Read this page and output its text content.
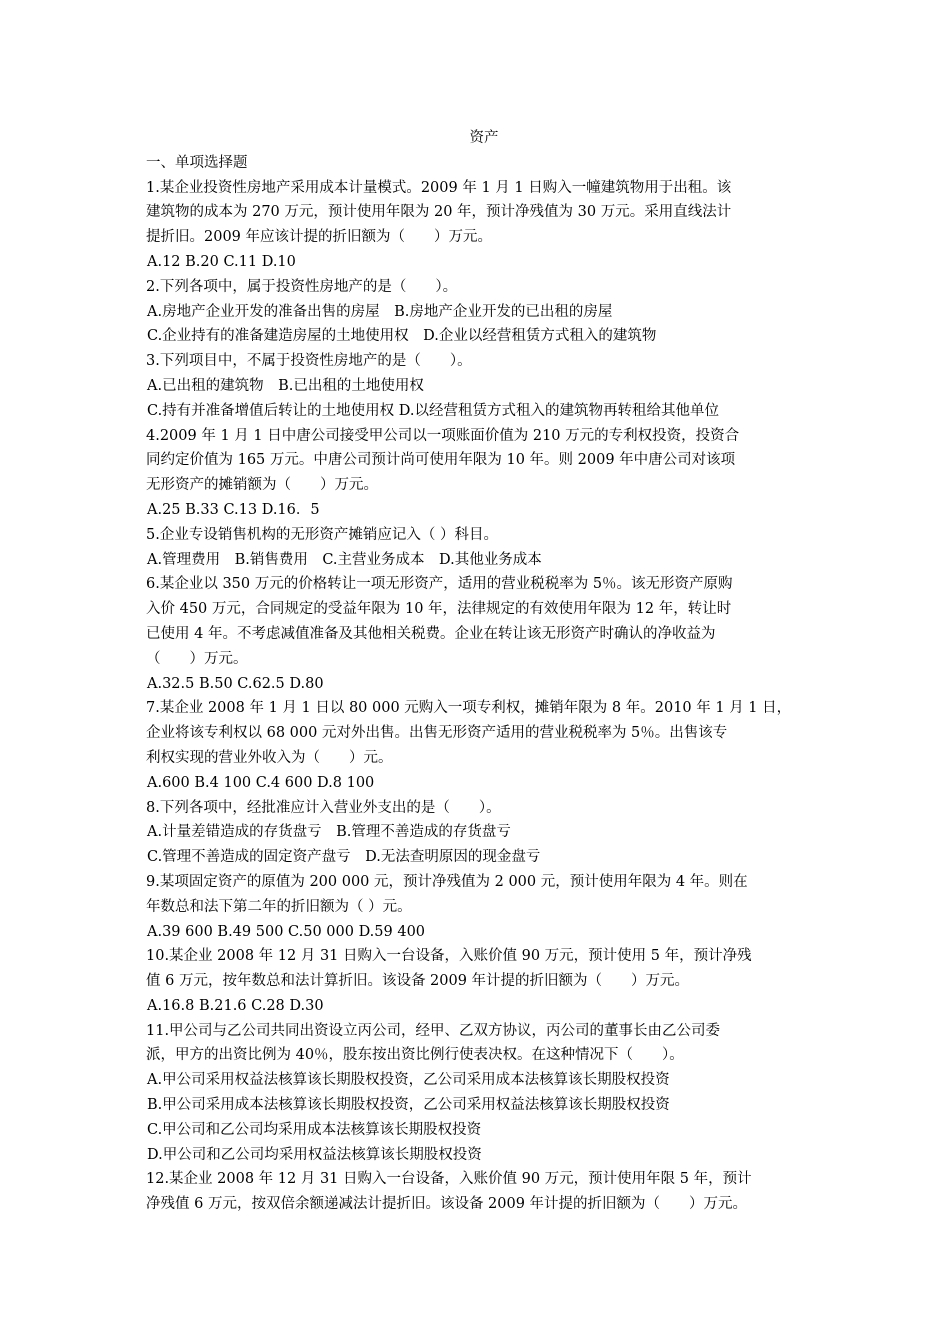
资产

一、单项选择题

1.某企业投资性房地产采用成本计量模式。2009 年 1 月 1 日购入一幢建筑物用于出租。该

建筑物的成本为 270 万元，预计使用年限为 20 年，预计净残值为 30 万元。采用直线法计

提折旧。2009 年应该计提的折旧额为（　　）万元。

A.12 B.20 C.11 D.10

2.下列各项中，属于投资性房地产的是（　　）。

A.房地产企业开发的准备出售的房屋　B.房地产企业开发的已出租的房屋

C.企业持有的准备建造房屋的土地使用权　D.企业以经营租赁方式租入的建筑物

3.下列项目中，不属于投资性房地产的是（　　）。

A.已出租的建筑物　B.已出租的土地使用权

C.持有并准备增值后转让的土地使用权 D.以经营租赁方式租入的建筑物再转租给其他单位

4.2009 年 1 月 1 日中唐公司接受甲公司以一项账面价值为 210 万元的专利权投资，投资合

同约定价值为 165 万元。中唐公司预计尚可使用年限为 10 年。则 2009 年中唐公司对该项

无形资产的摊销额为（　　）万元。

A.25 B.33 C.13 D.16．5

5.企业专设销售机构的无形资产摊销应记入（ ）科目。

A.管理费用　B.销售费用　C.主营业务成本　D.其他业务成本

6.某企业以 350 万元的价格转让一项无形资产，适用的营业税税率为 5％。该无形资产原购

入价 450 万元，合同规定的受益年限为 10 年，法律规定的有效使用年限为 12 年，转让时

已使用 4 年。不考虑减值准备及其他相关税费。企业在转让该无形资产时确认的净收益为

（　　）万元。

A.32.5 B.50 C.62.5 D.80

7.某企业 2008 年 1 月 1 日以 80 000 元购入一项专利权，摊销年限为 8 年。2010 年 1 月 1 日，

企业将该专利权以 68 000 元对外出售。出售无形资产适用的营业税税率为 5％。出售该专

利权实现的营业外收入为（　　）元。

A.600 B.4 100 C.4 600 D.8 100

8.下列各项中，经批准应计入营业外支出的是（　　）。

A.计量差错造成的存货盘亏　B.管理不善造成的存货盘亏

C.管理不善造成的固定资产盘亏　D.无法查明原因的现金盘亏

9.某项固定资产的原值为 200 000 元，预计净残值为 2 000 元，预计使用年限为 4 年。则在

年数总和法下第二年的折旧额为（ ）元。

A.39 600 B.49 500 C.50 000 D.59 400

10.某企业 2008 年 12 月 31 日购入一台设备，入账价值 90 万元，预计使用 5 年，预计净残

值 6 万元，按年数总和法计算折旧。该设备 2009 年计提的折旧额为（　　）万元。

A.16.8 B.21.6 C.28 D.30

11.甲公司与乙公司共同出资设立丙公司，经甲、乙双方协议，丙公司的董事长由乙公司委

派，甲方的出资比例为 40％，股东按出资比例行使表决权。在这种情况下（　　）。

A.甲公司采用权益法核算该长期股权投资，乙公司采用成本法核算该长期股权投资

B.甲公司采用成本法核算该长期股权投资，乙公司采用权益法核算该长期股权投资

C.甲公司和乙公司均采用成本法核算该长期股权投资

D.甲公司和乙公司均采用权益法核算该长期股权投资

12.某企业 2008 年 12 月 31 日购入一台设备，入账价值 90 万元，预计使用年限 5 年，预计

净残值 6 万元，按双倍余额递减法计提折旧。该设备 2009 年计提的折旧额为（　　）万元。
